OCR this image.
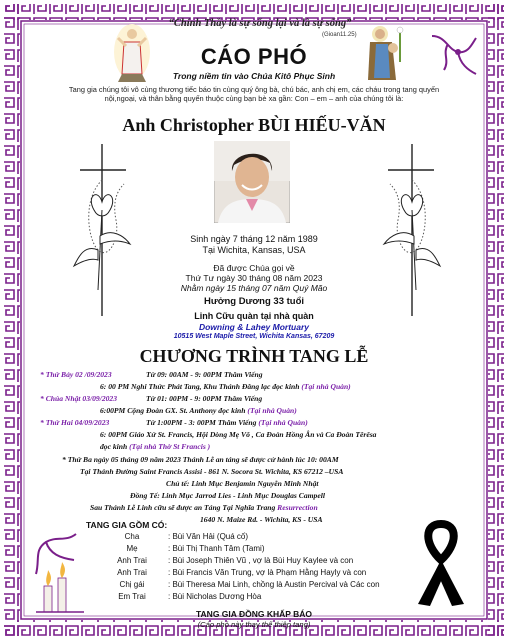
“Chính Thầy là sự sống lại và là sự sống”
(Gioan11.25)
CÁO PHÓ
Trong niềm tin vào Chúa Kitô Phục Sinh
Tang gia chúng tôi vô cùng thương tiếc báo tin cùng quý ông bà, chú bác, anh chị em, các cháu trong tang quyến nội,ngoại, và thân bằng quyến thuộc cùng bạn bè xa gần: Con – em – anh của chúng tôi là:
Anh Christopher BÙI HIẾU-VĂN
Sinh ngày 7 tháng 12 năm 1989
Tại Wichita, Kansas, USA
Đã được Chúa gọi về
Thứ Tư ngày 30 tháng 08 năm 2023
Nhằm ngày 15 tháng 07 năm Quý Mão
Hưởng Dương 33 tuổi
Linh Cữu quàn tại nhà quàn
Downing & Lahey Mortuary
10515 West Maple Street, Wichita Kansas, 67209
CHƯƠNG TRÌNH TANG LỄ
* Thứ Bảy 02 /09/2023	Từ 09: 00AM - 9: 00PM Thăm Viếng
6: 00 PM Nghi Thức Phát Tang, Khu Thánh Đăng lạc đọc kinh (Tại nhà Quàn)
* Chúa Nhật 03/09/2023	Từ 01: 00PM - 9: 00PM Thăm Viếng
6:00PM Cộng Đoàn GX. St. Anthony đọc kinh (Tại nhà Quàn)
* Thứ Hai 04/09/2023	Từ 1:00PM - 3: 00PM Thăm Viếng (Tại nhà Quàn)
6: 00PM Giáo Xứ St. Francis, Hội Dòng Mẹ Vô , Ca Đoàn Hồng Ân và Ca Đoàn Têrêsa
đọc kinh (Tại nhà Thờ St Francis )
* Thứ Ba ngày 05 tháng 09 năm 2023 Thánh Lễ an táng sẽ được cử hành lúc 10: 00AM
Tại Thánh Đường Saint Francis Assisi - 861 N. Socora St. Wichita, KS 67212 –USA
Chủ tế: Linh Mục Benjamin Nguyễn Minh Nhật
Đồng Tế: Linh Mục Jarrod Lies - Linh Mục Douglas Campell
Sau Thánh Lễ Linh cữu sẽ được an Táng Tại Nghĩa Trang Resurrection
1640 N. Maize Rd. - Wichita, KS - USA
TANG GIA GỒM CÓ:
Cha	: Bùi Văn Hải (Quá cố)
Mẹ	: Bùi Thị Thanh Tâm (Tami)
Anh Trai	: Bùi Joseph Thiên Vũ , vợ là Bùi Huy Kaylee và con
Anh Trai	: Bùi Francis Văn Trung, vợ là Phạm Hằng Hayly và con
Chị gái	: Bùi Theresa Mai Linh, chồng là Austin Percival và Các con
Em Trai	: Bùi Nicholas Dương Hòa
TANG GIA ĐỒNG KHẤP BÁO
(Cáo phó này thay thế thiệp tang)
